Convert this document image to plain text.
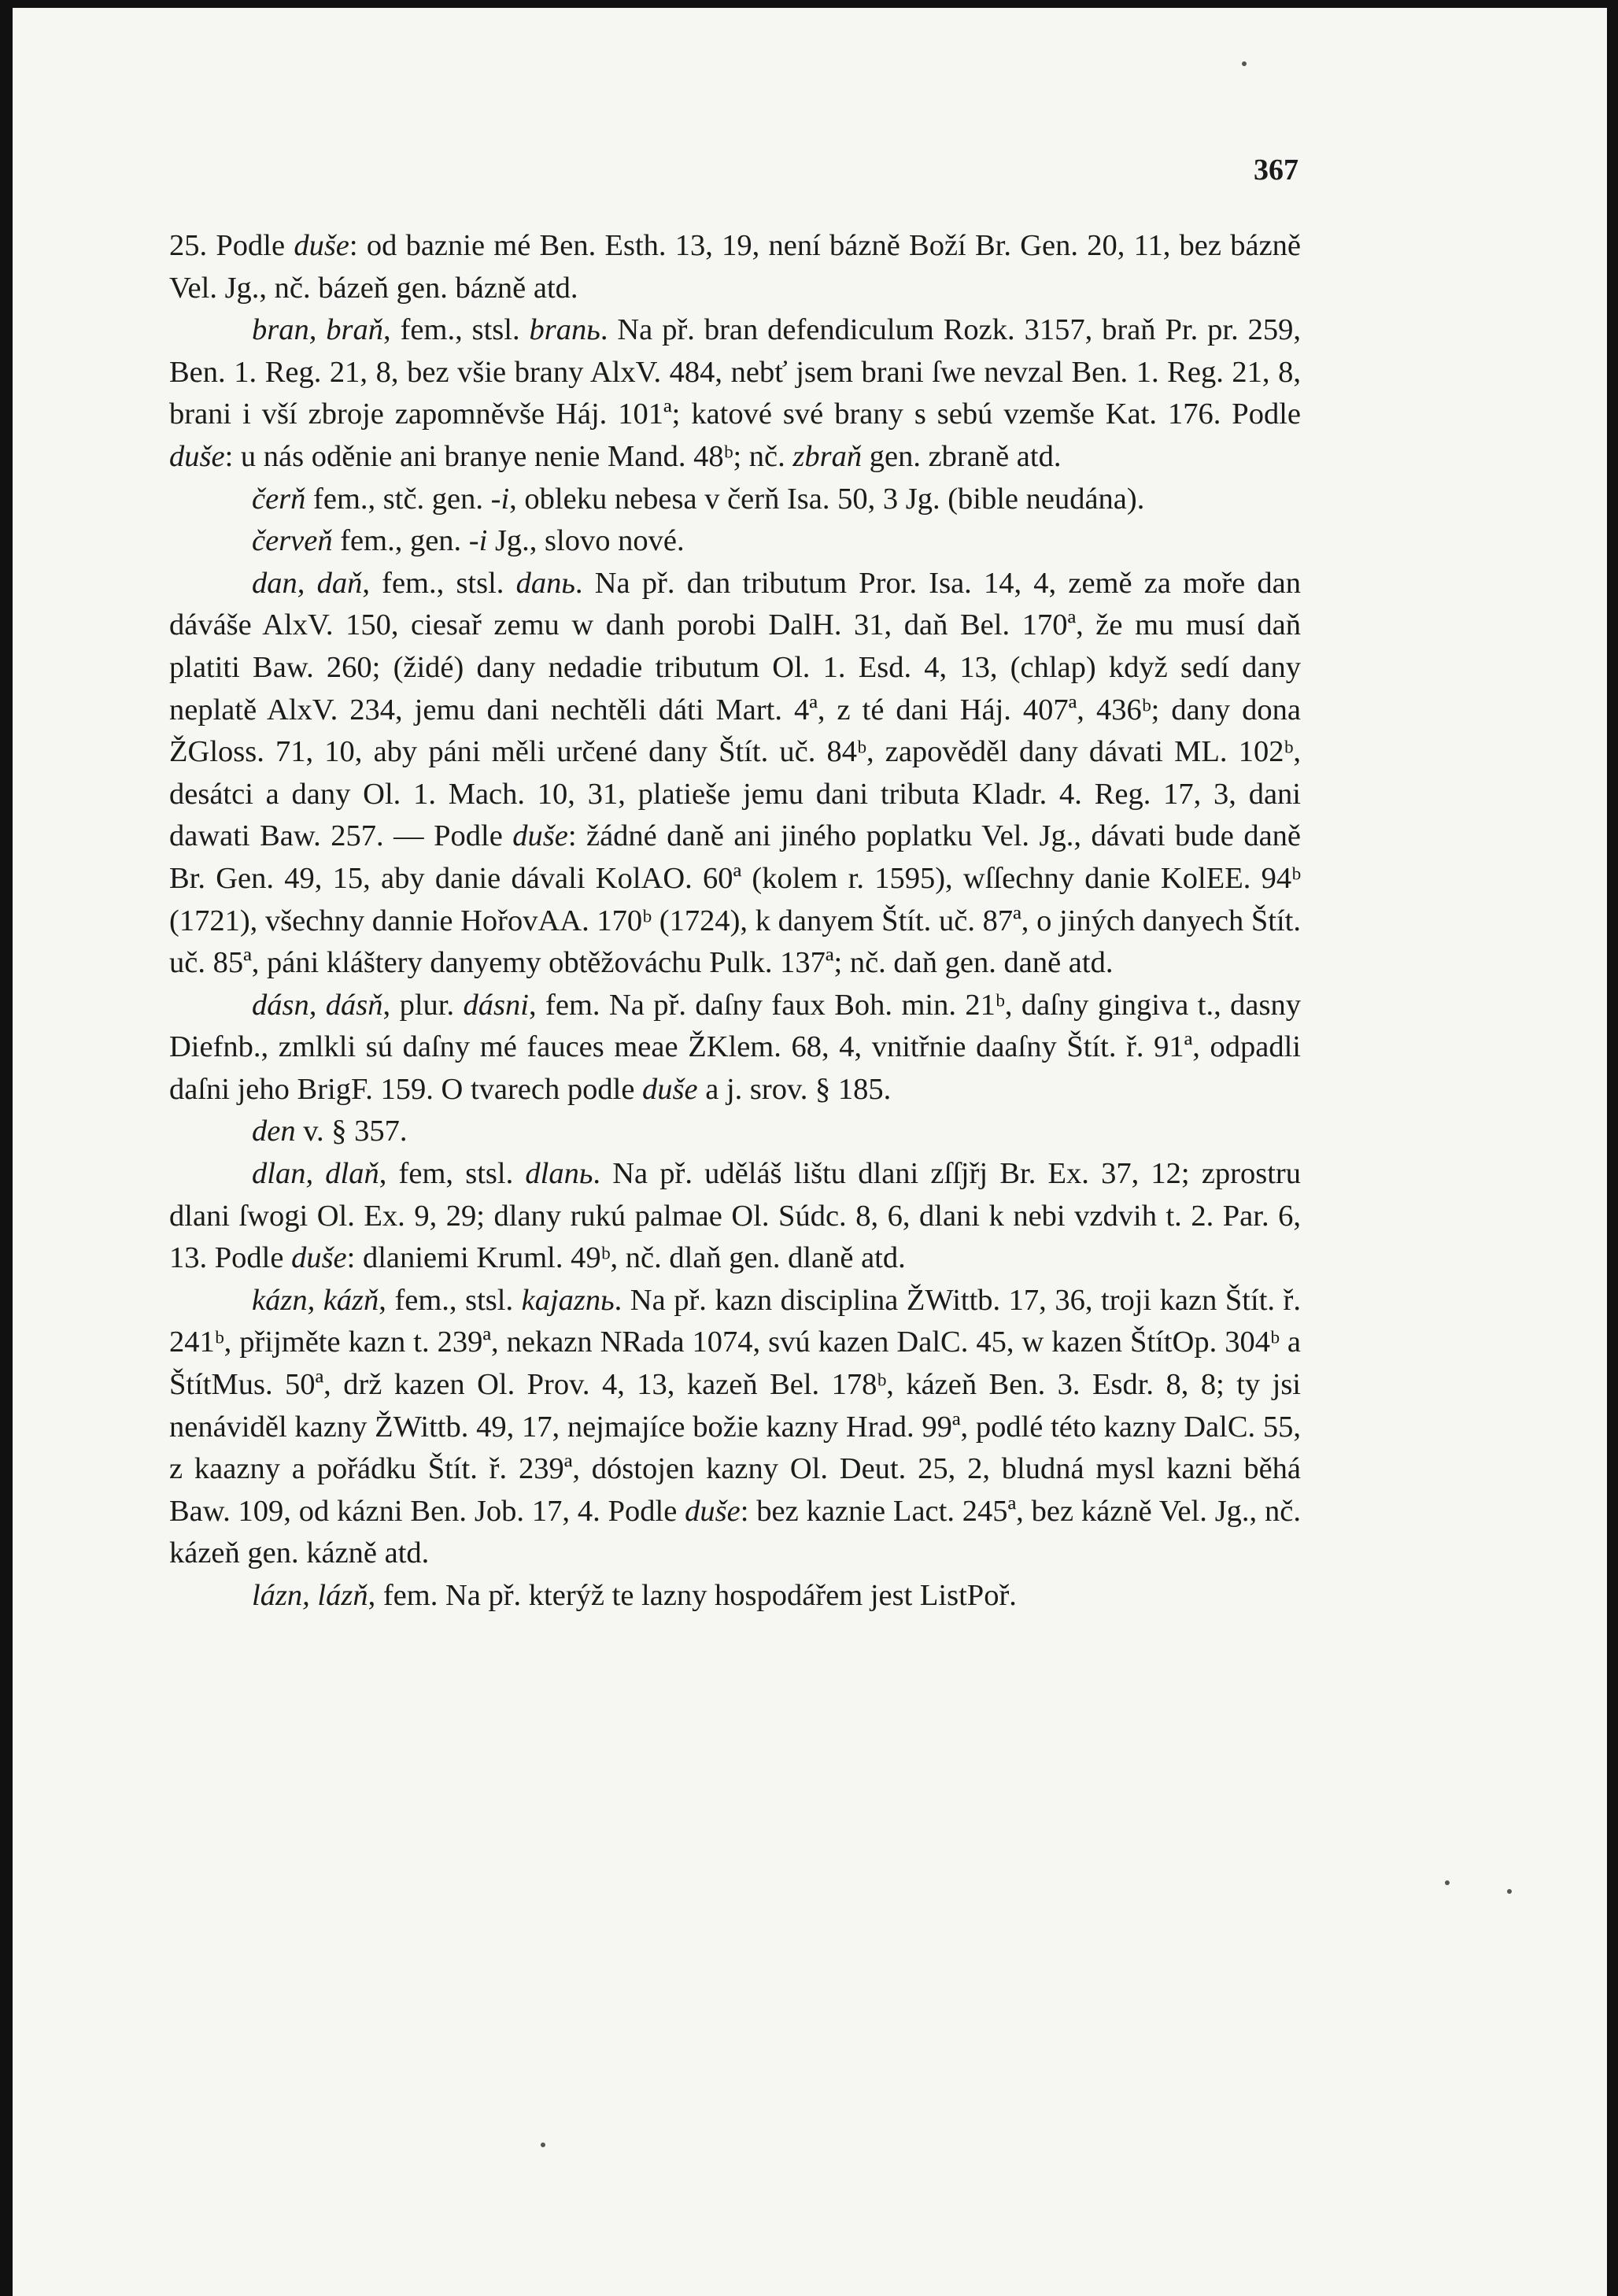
367

25. Podle duše: od baznie mé Ben. Esth. 13, 19, není bázně Boží Br. Gen. 20, 11, bez bázně Vel. Jg., nč. bázeň gen. bázně atd.

bran, braň, fem., stsl. branь. Na př. bran defendiculum Rozk. 3157, braň Pr. pr. 259, Ben. 1. Reg. 21, 8, bez všie brany AlxV. 484, nebť jsem brani ſwe nevzal Ben. 1. Reg. 21, 8, brani i vší zbroje zapomněvše Háj. 101ª; katové své brany s sebú vzemše Kat. 176. Podle duše: u nás oděnie ani branye nenie Mand. 48ᵇ; nč. zbraň gen. zbraně atd.

čerň fem., stč. gen. -i, obleku nebesa v čerň Isa. 50, 3 Jg. (bible neudána).

červeň fem., gen. -i Jg., slovo nové.

dan, daň, fem., stsl. danь. Na př. dan tributum Pror. Isa. 14, 4, země za moře dan dáváše AlxV. 150, ciesař zemu w danh porobi DalH. 31, daň Bel. 170ª, že mu musí daň platiti Baw. 260; (židé) dany nedadie tributum Ol. 1. Esd. 4, 13, (chlap) když sedí dany neplatě AlxV. 234, jemu dani nechtěli dáti Mart. 4ª, z té dani Háj. 407ª, 436ᵇ; dany dona ŽGloss. 71, 10, aby páni měli určené dany Štít. uč. 84ᵇ, zapověděl dany dávati ML. 102ᵇ, desátci a dany Ol. 1. Mach. 10, 31, platieše jemu dani tributa Kladr. 4. Reg. 17, 3, dani dawati Baw. 257. — Podle duše: žádné daně ani jiného poplatku Vel. Jg., dávati bude daně Br. Gen. 49, 15, aby danie dávali KolAO. 60ª (kolem r. 1595), wſſechny danie KolEE. 94ᵇ (1721), všechny dannie HořovAA. 170ᵇ (1724), k danyem Štít. uč. 87ª, o jiných danyech Štít. uč. 85ª, páni kláštery danyemy obtěžováchu Pulk. 137ª; nč. daň gen. daně atd.

dásn, dásň, plur. dásni, fem. Na př. daſny faux Boh. min. 21ᵇ, daſny gingiva t., dasny Diefnb., zmlkli sú daſny mé fauces meae ŽKlem. 68, 4, vnitřnie daaſny Štít. ř. 91ª, odpadli daſni jeho BrigF. 159. O tvarech podle duše a j. srov. § 185.

den v. § 357.

dlan, dlaň, fem, stsl. dlanь. Na př. uděláš lištu dlani zſſjřj Br. Ex. 37, 12; zprostru dlani ſwogi Ol. Ex. 9, 29; dlany rukú palmae Ol. Súdc. 8, 6, dlani k nebi vzdvih t. 2. Par. 6, 13. Podle duše: dlaniemi Kruml. 49ᵇ, nč. dlaň gen. dlaně atd.

kázn, kázň, fem., stsl. kajaznь. Na př. kazn disciplina ŽWittb. 17, 36, troji kazn Štít. ř. 241ᵇ, přijměte kazn t. 239ª, nekazn NRada 1074, svú kazen DalC. 45, w kazen ŠtítOp. 304ᵇ a ŠtítMus. 50ª, drž kazen Ol. Prov. 4, 13, kazeň Bel. 178ᵇ, kázeň Ben. 3. Esdr. 8, 8; ty jsi nenáviděl kazny ŽWittb. 49, 17, nejmajíce božie kazny Hrad. 99ª, podlé této kazny DalC. 55, z kaazny a pořádku Štít. ř. 239ª, dóstojen kazny Ol. Deut. 25, 2, bludná mysl kazni běhá Baw. 109, od kázni Ben. Job. 17, 4. Podle duše: bez kaznie Lact. 245ª, bez kázně Vel. Jg., nč. kázeň gen. kázně atd.

lázn, lázň, fem. Na př. kterýž te lazny hospodářem jest ListPoř.
